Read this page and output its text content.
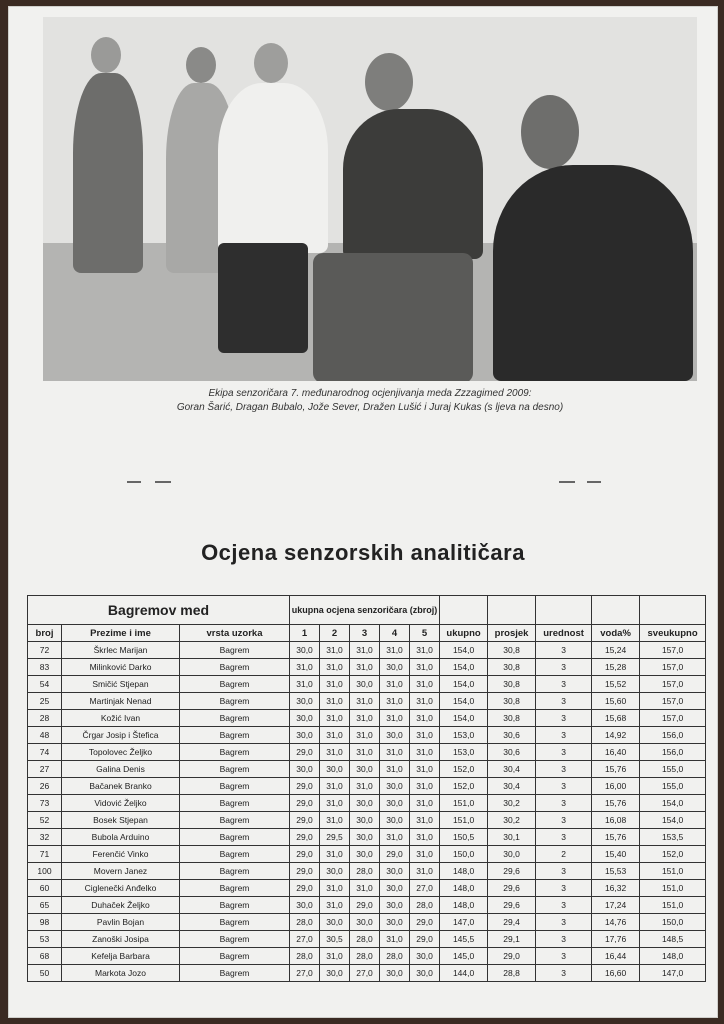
Ekipa senzoričara 7. međunarodnog ocjenjivanja meda Zzzagimed 2009:
Goran Šarić, Dragan Bubalo, Jože Sever, Dražen Lušić i Juraj Kukas (s ljeva na desno)
Ocjena senzorskih analitičara
Bagremov med			ukupna ocjena senzoričara (zbroj)									
broj	Prezime i ime	vrsta uzorka	1	2	3	4	5	ukupno	prosjek	urednost	voda%	sveukupno
72	Škrlec Marijan	Bagrem	30,0	31,0	31,0	31,0	31,0	154,0	30,8	3	15,24	157,0
83	Milinković Darko	Bagrem	31,0	31,0	31,0	30,0	31,0	154,0	30,8	3	15,28	157,0
54	Smičić Stjepan	Bagrem	31,0	31,0	30,0	31,0	31,0	154,0	30,8	3	15,52	157,0
25	Martinjak Nenad	Bagrem	30,0	31,0	31,0	31,0	31,0	154,0	30,8	3	15,60	157,0
28	Kožić Ivan	Bagrem	30,0	31,0	31,0	31,0	31,0	154,0	30,8	3	15,68	157,0
48	Črgar Josip i Štefica	Bagrem	30,0	31,0	31,0	30,0	31,0	153,0	30,6	3	14,92	156,0
74	Topolovec Željko	Bagrem	29,0	31,0	31,0	31,0	31,0	153,0	30,6	3	16,40	156,0
27	Galina Denis	Bagrem	30,0	30,0	30,0	31,0	31,0	152,0	30,4	3	15,76	155,0
26	Bačanek Branko	Bagrem	29,0	31,0	31,0	30,0	31,0	152,0	30,4	3	16,00	155,0
73	Vidović Željko	Bagrem	29,0	31,0	30,0	30,0	31,0	151,0	30,2	3	15,76	154,0
52	Bosek Stjepan	Bagrem	29,0	31,0	30,0	30,0	31,0	151,0	30,2	3	16,08	154,0
32	Bubola Arduino	Bagrem	29,0	29,5	30,0	31,0	31,0	150,5	30,1	3	15,76	153,5
71	Ferenčić Vinko	Bagrem	29,0	31,0	30,0	29,0	31,0	150,0	30,0	2	15,40	152,0
100	Movern Janez	Bagrem	29,0	30,0	28,0	30,0	31,0	148,0	29,6	3	15,53	151,0
60	Ciglenečki Anđelko	Bagrem	29,0	31,0	31,0	30,0	27,0	148,0	29,6	3	16,32	151,0
65	Duhaček Željko	Bagrem	30,0	31,0	29,0	30,0	28,0	148,0	29,6	3	17,24	151,0
98	Pavlin Bojan	Bagrem	28,0	30,0	30,0	30,0	29,0	147,0	29,4	3	14,76	150,0
53	Zanoški Josipa	Bagrem	27,0	30,5	28,0	31,0	29,0	145,5	29,1	3	17,76	148,5
68	Kefelja Barbara	Bagrem	28,0	31,0	28,0	28,0	30,0	145,0	29,0	3	16,44	148,0
50	Markota Jozo	Bagrem	27,0	30,0	27,0	30,0	30,0	144,0	28,8	3	16,60	147,0
